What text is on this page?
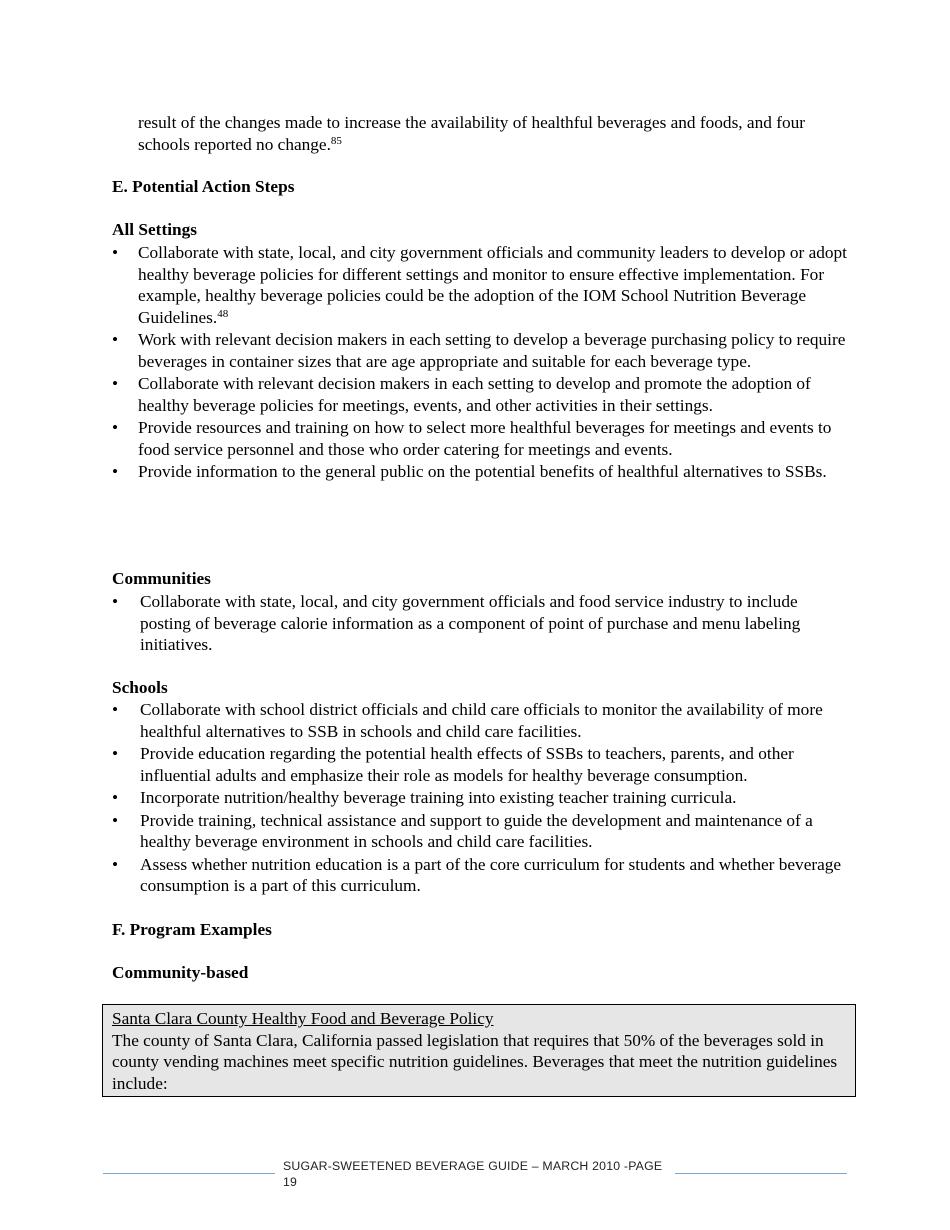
result of the changes made to increase the availability of healthful beverages and foods, and four schools reported no change.$^{85}$
E. Potential Action Steps
All Settings
• Collaborate with state, local, and city government officials and community leaders to develop or adopt healthy beverage policies for different settings and monitor to ensure effective implementation. For example, healthy beverage policies could be the adoption of the IOM School Nutrition Beverage Guidelines.$^{48}$
• Work with relevant decision makers in each setting to develop a beverage purchasing policy to require beverages in container sizes that are age appropriate and suitable for each beverage type.
• Collaborate with relevant decision makers in each setting to develop and promote the adoption of healthy beverage policies for meetings, events, and other activities in their settings.
• Provide resources and training on how to select more healthful beverages for meetings and events to food service personnel and those who order catering for meetings and events.
• Provide information to the general public on the potential benefits of healthful alternatives to SSBs.
Communities
• Collaborate with state, local, and city government officials and food service industry to include posting of beverage calorie information as a component of point of purchase and menu labeling initiatives.
Schools
• Collaborate with school district officials and child care officials to monitor the availability of more healthful alternatives to SSB in schools and child care facilities.
• Provide education regarding the potential health effects of SSBs to teachers, parents, and other influential adults and emphasize their role as models for healthy beverage consumption.
• Incorporate nutrition/healthy beverage training into existing teacher training curricula.
• Provide training, technical assistance and support to guide the development and maintenance of a healthy beverage environment in schools and child care facilities.
• Assess whether nutrition education is a part of the core curriculum for students and whether beverage consumption is a part of this curriculum.
F. Program Examples
Community-based
Santa Clara County Healthy Food and Beverage Policy
The county of Santa Clara, California passed legislation that requires that 50% of the beverages sold in county vending machines meet specific nutrition guidelines. Beverages that meet the nutrition guidelines include:
SUGAR-SWEETENED BEVERAGE GUIDE – MARCH 2010 -PAGE 19
